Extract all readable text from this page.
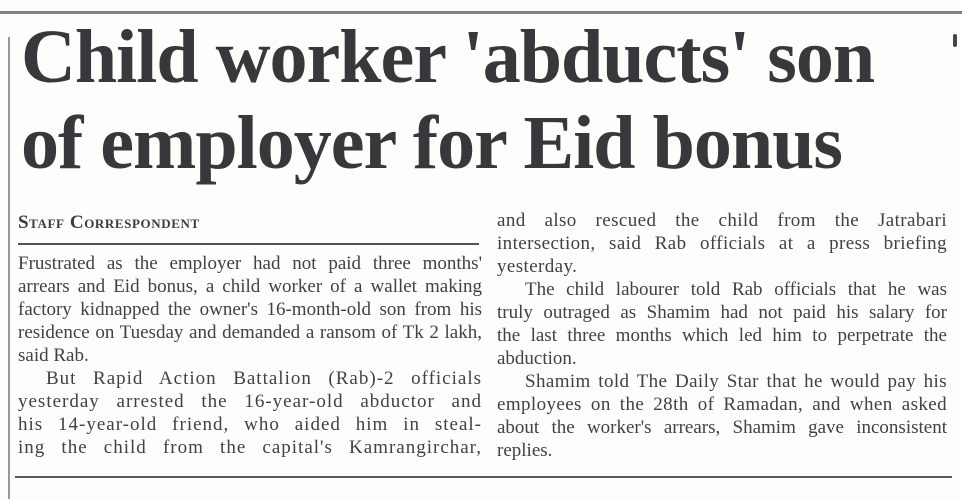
Child worker 'abducts' son
of employer for Eid bonus
Staff Correspondent

Frustrated as the employer had not paid three months'
arrears and Eid bonus, a child worker of a wallet making
factory kidnapped the owner's 16-month-old son from his
residence on Tuesday and demanded a ransom of Tk 2 lakh,
said Rab.

But Rapid Action Battalion (Rab)-2 officials
yesterday arrested the 16-year-old abductor and
his 14-year-old friend, who aided him in steal-
ing the child from the capital's Kamrangirchar,

and also rescued the child from the Jatrabari
intersection, said Rab officials at a press briefing
yesterday.

The child labourer told Rab officials that he was
truly outraged as Shamim had not paid his salary for
the last three months which led him to perpetrate the
abduction.

Shamim told The Daily Star that he would pay his
employees on the 28th of Ramadan, and when asked
about the worker's arrears, Shamim gave inconsistent
replies.
